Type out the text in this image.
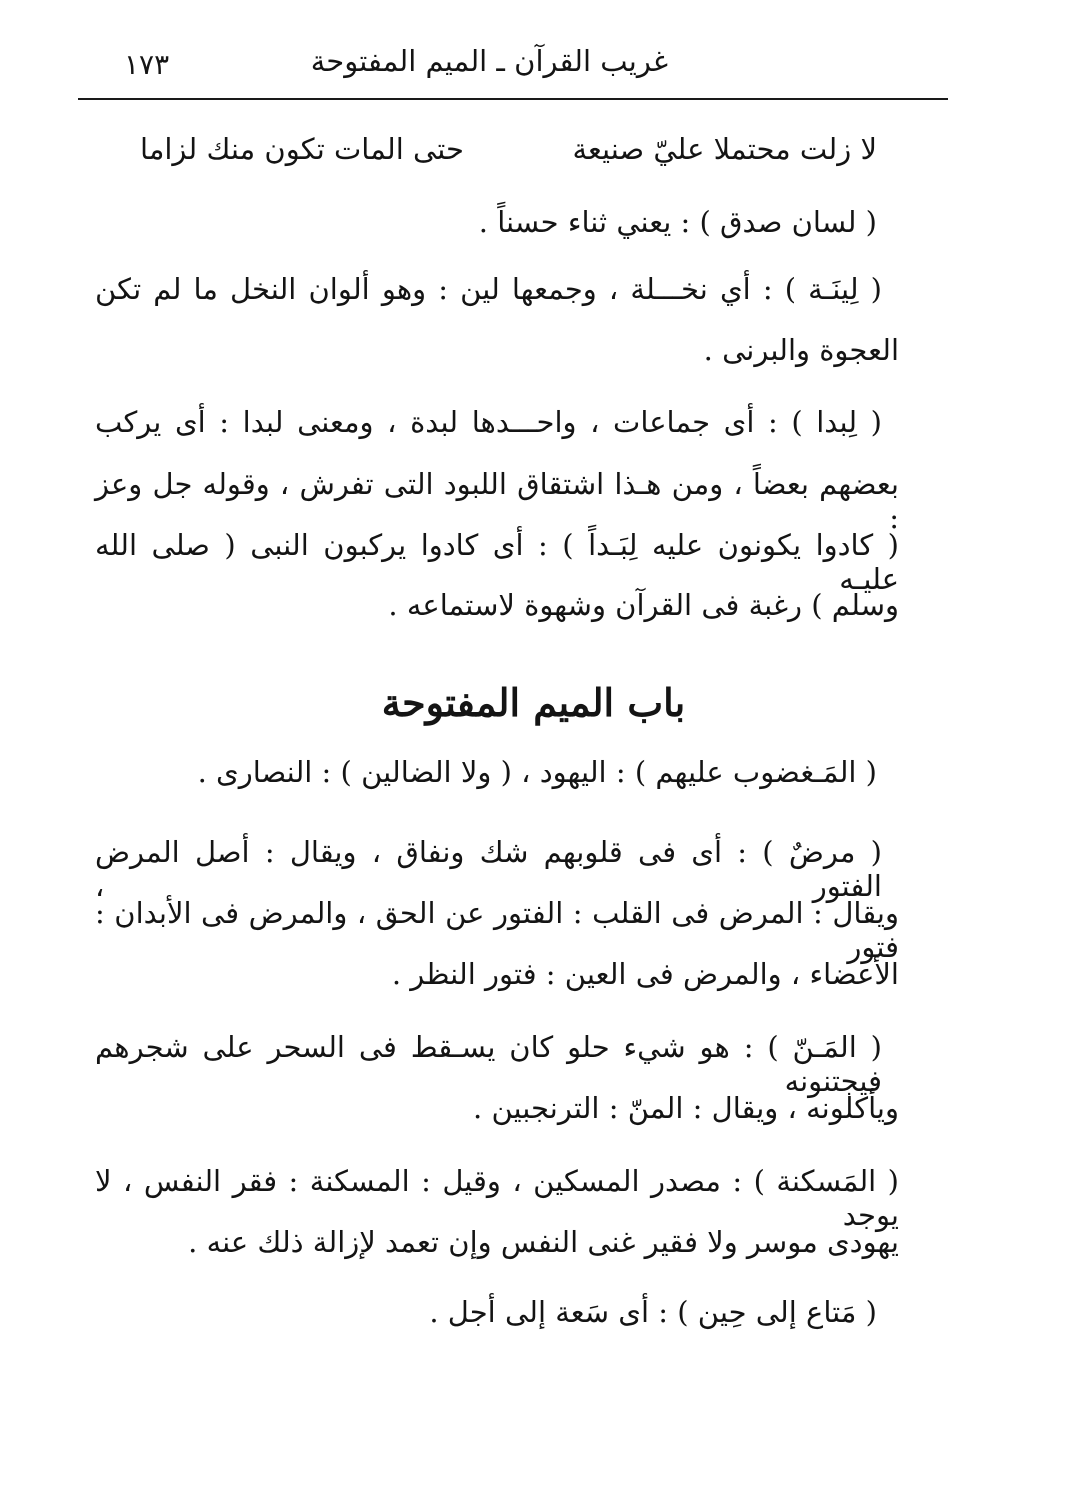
غريب القرآن ـ الميم المفتوحة
١٧٣
لا زلت محتملا عليّ صنيعة
حتى المات تكون منك لزاما
( لسان صدق ) : يعني ثناء حسناً .
( لِينَـة ) : أي نخـــلة ، وجمعها لين : وهو ألوان النخل ما لم تكن
العجوة والبرنى .
( لِبدا ) : أى جماعات ، واحـــدها لبدة ، ومعنى لبدا : أى يركب
بعضهم بعضاً ، ومن هـذا اشتقاق اللبود التى تفرش ، وقوله جل وعز :
( كادوا يكونون عليه لِبَـداً ) : أى كادوا يركبون النبى ( صلى الله عليـه
وسلم ) رغبة فى القرآن وشهوة لاستماعه .
باب الميم المفتوحة
( المَـغضوب عليهم ) : اليهود ، ( ولا الضالين ) : النصارى .
( مرضٌ ) : أى فى قلوبهم شك ونفاق ، ويقال : أصل المرض الفتور ،
ويقال : المرض فى القلب : الفتور عن الحق ، والمرض فى الأبدان : فتور
الأعضاء ، والمرض فى العين : فتور النظر .
( المَـنّ ) : هو شيء حلو كان يسـقط فى السحر على شجرهم فيجتنونه
ويأكلونه ، ويقال : المنّ : الترنجبين .
( المَسكنة ) : مصدر المسكين ، وقيل : المسكنة : فقر النفس ، لا يوجد
يهودى موسر ولا فقير غنى النفس وإن تعمد لإزالة ذلك عنه .
( مَتاع إلى حِين ) : أى سَعة إلى أجل .
